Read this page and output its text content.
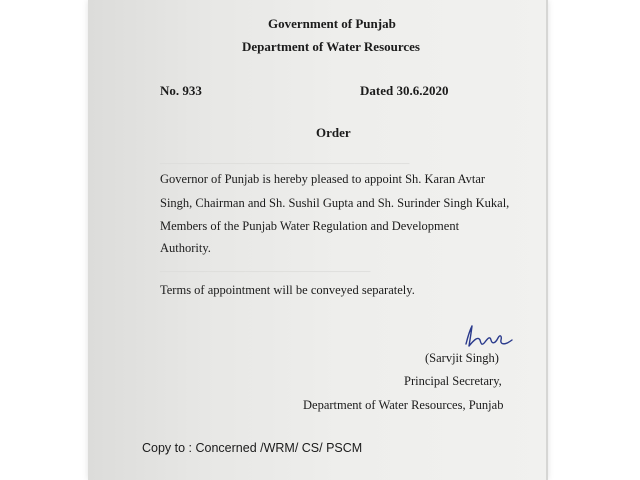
────────────────────────────────
───────────────────────────
Government of Punjab
Department of Water Resources
No. 933	Dated 30.6.2020
Order
Governor of Punjab is hereby pleased to appoint Sh. Karan Avtar
Singh, Chairman and Sh. Sushil Gupta and Sh. Surinder Singh Kukal,
Members of the Punjab Water Regulation and Development
Authority.
Terms of appointment will be conveyed separately.
(Sarvjit Singh)
Principal Secretary,
Department of Water Resources, Punjab
Copy to : Concerned /WRM/ CS/ PSCM
